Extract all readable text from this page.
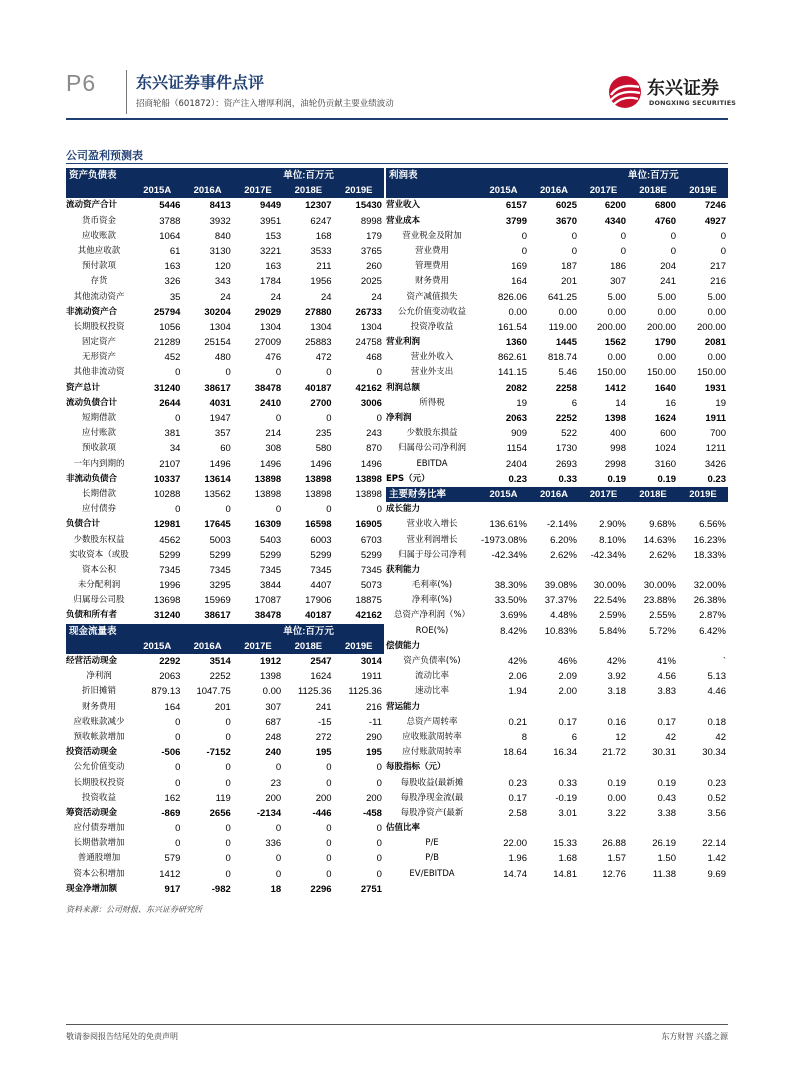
P6 东兴证券事件点评
招商轮船（601872）：资产注入增厚利润，油轮仍贡献主要业绩波动
东兴证券
DONGXING SECURITIES
公司盈利预测表
资产负债表	单位:百万元
2015A	2016A	2017E	2018E	2019E
流动资产合计	5446	8413	9449	12307	15430
货币资金	3788	3932	3951	6247	8998
应收账款	1064	840	153	168	179
其他应收款	61	3130	3221	3533	3765
预付款项	163	120	163	211	260
存货	326	343	1784	1956	2025
其他流动资产	35	24	24	24	24
非流动资产合	25794	30204	29029	27880	26733
长期股权投资	1056	1304	1304	1304	1304
固定资产	21289	25154	27009	25883	24758
无形资产	452	480	476	472	468
其他非流动资	0	0	0	0	0
资产总计	31240	38617	38478	40187	42162
流动负债合计	2644	4031	2410	2700	3006
短期借款	0	1947	0	0	0
应付账款	381	357	214	235	243
预收款项	34	60	308	580	870
一年内到期的	2107	1496	1496	1496	1496
非流动负债合	10337	13614	13898	13898	13898
长期借款	10288	13562	13898	13898	13898
应付债券	0	0	0	0	0
负债合计	12981	17645	16309	16598	16905
少数股东权益	4562	5003	5403	6003	6703
实收资本（或股	5299	5299	5299	5299	5299
资本公积	7345	7345	7345	7345	7345
未分配利润	1996	3295	3844	4407	5073
归属母公司股	13698	15969	17087	17906	18875
负债和所有者	31240	38617	38478	40187	42162
现金流量表	单位:百万元
2015A	2016A	2017E	2018E	2019E
经营活动现金	2292	3514	1912	2547	3014
净利润	2063	2252	1398	1624	1911
折旧摊销	879.13	1047.75	0.00	1125.36	1125.36
财务费用	164	201	307	241	216
应收账款减少	0	0	687	-15	-11
预收帐款增加	0	0	248	272	290
投资活动现金	-506	-7152	240	195	195
公允价值变动	0	0	0	0	0
长期股权投资	0	0	23	0	0
投资收益	162	119	200	200	200
筹资活动现金	-869	2656	-2134	-446	-458
应付债券增加	0	0	0	0	0
长期借款增加	0	0	336	0	0
普通股增加	579	0	0	0	0
资本公积增加	1412	0	0	0	0
现金净增加额	917	-982	18	2296	2751
利润表	单位:百万元
2015A	2016A	2017E	2018E	2019E
营业收入	6157	6025	6200	6800	7246
营业成本	3799	3670	4340	4760	4927
营业税金及附加	0	0	0	0	0
营业费用	0	0	0	0	0
管理费用	169	187	186	204	217
财务费用	164	201	307	241	216
资产减值损失	826.06	641.25	5.00	5.00	5.00
公允价值变动收益	0.00	0.00	0.00	0.00	0.00
投资净收益	161.54	119.00	200.00	200.00	200.00
营业利润	1360	1445	1562	1790	2081
营业外收入	862.61	818.74	0.00	0.00	0.00
营业外支出	141.15	5.46	150.00	150.00	150.00
利润总额	2082	2258	1412	1640	1931
所得税	19	6	14	16	19
净利润	2063	2252	1398	1624	1911
少数股东损益	909	522	400	600	700
归属母公司净利润	1154	1730	998	1024	1211
EBITDA	2404	2693	2998	3160	3426
EPS（元）	0.23	0.33	0.19	0.19	0.23
主要财务比率	2015A	2016A	2017E	2018E	2019E
成长能力
营业收入增长	136.61%	-2.14%	2.90%	9.68%	6.56%
营业利润增长	-1973.08%	6.20%	8.10%	14.63%	16.23%
归属于母公司净利	-42.34%	2.62%	-42.34%	2.62%	18.33%
获利能力
毛利率(%)	38.30%	39.08%	30.00%	30.00%	32.00%
净利率(%)	33.50%	37.37%	22.54%	23.88%	26.38%
总资产净利润（%）	3.69%	4.48%	2.59%	2.55%	2.87%
ROE(%)	8.42%	10.83%	5.84%	5.72%	6.42%
偿债能力
资产负债率(%)	42%	46%	42%	41%	`
流动比率	2.06	2.09	3.92	4.56	5.13
速动比率	1.94	2.00	3.18	3.83	4.46
营运能力
总资产周转率	0.21	0.17	0.16	0.17	0.18
应收账款周转率	8	6	12	42	42
应付账款周转率	18.64	16.34	21.72	30.31	30.34
每股指标（元）
每股收益(最新摊	0.23	0.33	0.19	0.19	0.23
每股净现金流(最	0.17	-0.19	0.00	0.43	0.52
每股净资产(最新	2.58	3.01	3.22	3.38	3.56
估值比率
P/E	22.00	15.33	26.88	26.19	22.14
P/B	1.96	1.68	1.57	1.50	1.42
EV/EBITDA	14.74	14.81	12.76	11.38	9.69
资料来源：公司财报、东兴证券研究所
敬请参阅报告结尾处的免责声明	东方财智 兴盛之源
